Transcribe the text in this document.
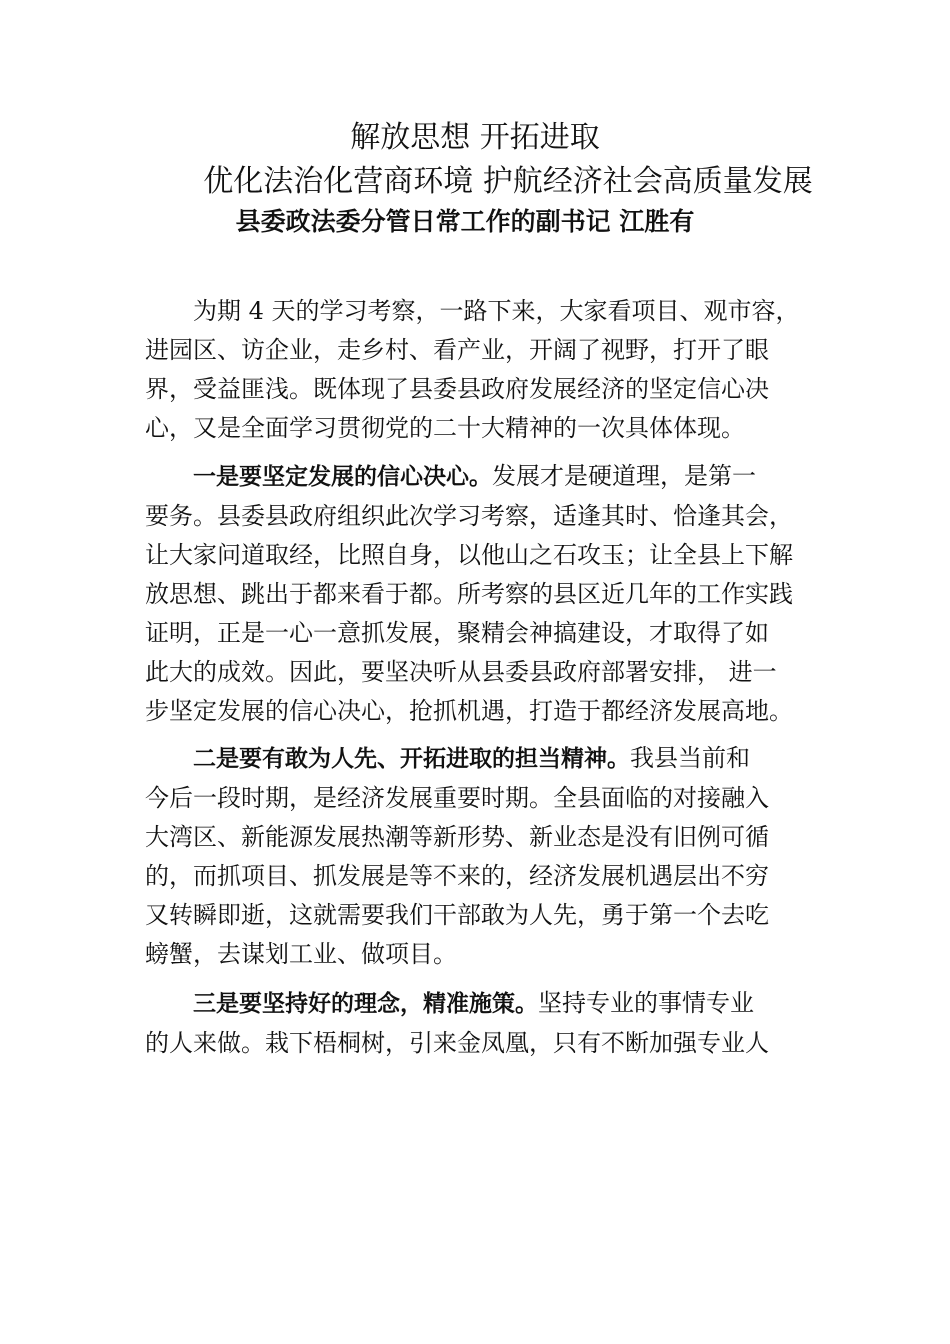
解放思想 开拓进取
优化法治化营商环境 护航经济社会高质量发展
县委政法委分管日常工作的副书记 江胜有
为期 4 天的学习考察，一路下来，大家看项目、观市容，
进园区、访企业，走乡村、看产业，开阔了视野，打开了眼
界，受益匪浅。既体现了县委县政府发展经济的坚定信心决
心，又是全面学习贯彻党的二十大精神的一次具体体现。
一是要坚定发展的信心决心。发展才是硬道理，是第一
要务。县委县政府组织此次学习考察，适逢其时、恰逢其会，
让大家问道取经，比照自身，以他山之石攻玉；让全县上下解
放思想、跳出于都来看于都。所考察的县区近几年的工作实践
证明，正是一心一意抓发展，聚精会神搞建设，才取得了如
此大的成效。因此，要坚决听从县委县政府部署安排， 进一
步坚定发展的信心决心，抢抓机遇，打造于都经济发展高地。
二是要有敢为人先、开拓进取的担当精神。我县当前和
今后一段时期，是经济发展重要时期。全县面临的对接融入
大湾区、新能源发展热潮等新形势、新业态是没有旧例可循
的，而抓项目、抓发展是等不来的，经济发展机遇层出不穷
又转瞬即逝，这就需要我们干部敢为人先，勇于第一个去吃
螃蟹，去谋划工业、做项目。
三是要坚持好的理念，精准施策。坚持专业的事情专业
的人来做。栽下梧桐树，引来金凤凰，只有不断加强专业人
